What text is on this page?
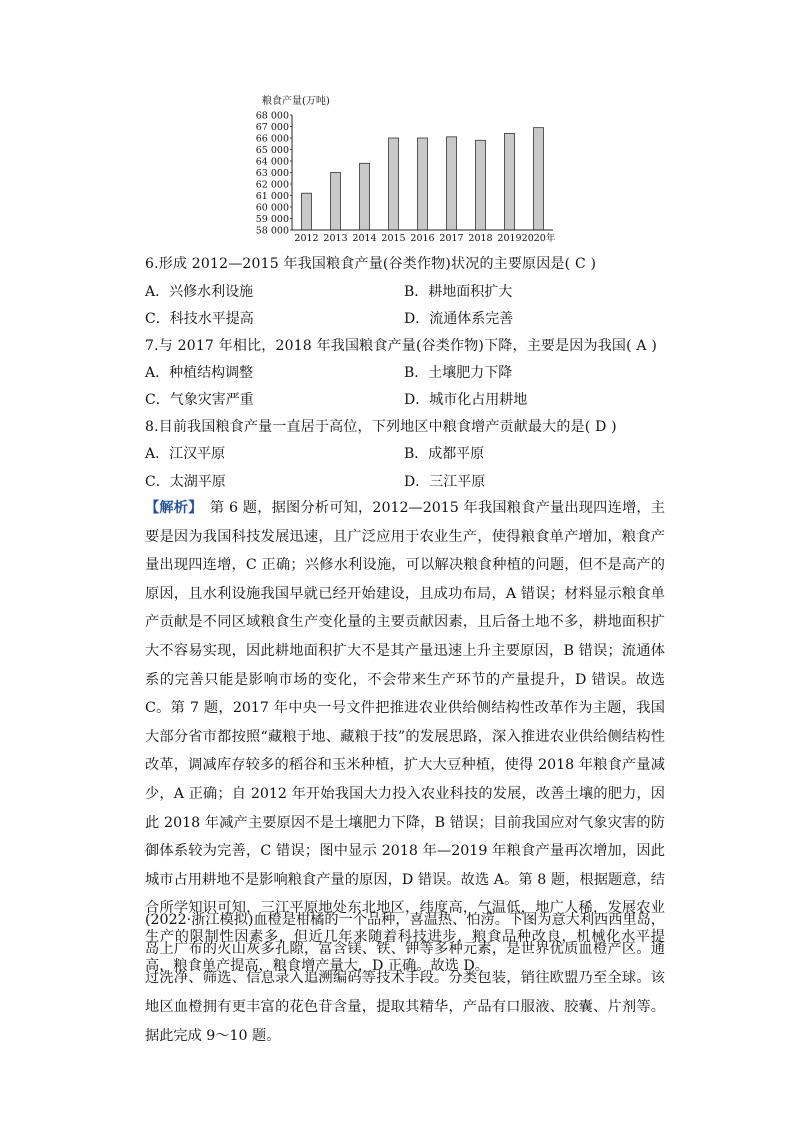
粮食产量(万吨)
68 000
67 000
66 000
65 000
64 000
63 000
62 000
61 000
60 000
59 000
58 000
2012 2013 2014 2015 2016 2017 2018 2019 2020年
6.形成 2012—2015 年我国粮食产量(谷类作物)状况的主要原因是( C )
A．兴修水利设施	B．耕地面积扩大
C．科技水平提高	D．流通体系完善
7.与 2017 年相比，2018 年我国粮食产量(谷类作物)下降，主要是因为我国( A )
A．种植结构调整	B．土壤肥力下降
C．气象灾害严重	D．城市化占用耕地
8.目前我国粮食产量一直居于高位，下列地区中粮食增产贡献最大的是( D )
A．江汉平原	B．成都平原
C．太湖平原	D．三江平原
【解析】　第 6 题，据图分析可知，2012—2015 年我国粮食产量出现四连增，主要是因为我国科技发展迅速，且广泛应用于农业生产，使得粮食单产增加，粮食产量出现四连增，C 正确；兴修水利设施，可以解决粮食种植的问题，但不是高产的原因，且水利设施我国早就已经开始建设，且成功布局，A 错误；材料显示粮食单产贡献是不同区域粮食生产变化量的主要贡献因素，且后备土地不多，耕地面积扩大不容易实现，因此耕地面积扩大不是其产量迅速上升主要原因，B 错误；流通体系的完善只能是影响市场的变化，不会带来生产环节的产量提升，D 错误。故选 C。第 7 题，2017 年中央一号文件把推进农业供给侧结构性改革作为主题，我国大部分省市都按照“藏粮于地、藏粮于技”的发展思路，深入推进农业供给侧结构性改革，调减库存较多的稻谷和玉米种植，扩大大豆种植，使得 2018 年粮食产量减少，A 正确；自 2012 年开始我国大力投入农业科技的发展，改善土壤的肥力，因此 2018 年减产主要原因不是土壤肥力下降，B 错误；目前我国应对气象灾害的防御体系较为完善，C 错误；图中显示 2018 年—2019 年粮食产量再次增加，因此城市占用耕地不是影响粮食产量的原因，D 错误。故选 A。第 8 题，根据题意，结合所学知识可知，三江平原地处东北地区，纬度高，气温低，地广人稀，发展农业生产的限制性因素多，但近几年来随着科技进步，粮食品种改良，机械化水平提高，粮食单产提高，粮食增产量大，D 正确。故选 D。
(2022·浙江模拟)血橙是柑橘的一个品种，喜温热、怕涝。下图为意大利西西里岛，岛上广布的火山灰多孔隙，富含镁、铁、钾等多种元素，是世界优质血橙产区。通过洗净、筛选、信息录入追溯编码等技术手段。分类包装，销往欧盟乃至全球。该地区血橙拥有更丰富的花色苷含量，提取其精华，产品有口服液、胶囊、片剂等。据此完成 9～10 题。
